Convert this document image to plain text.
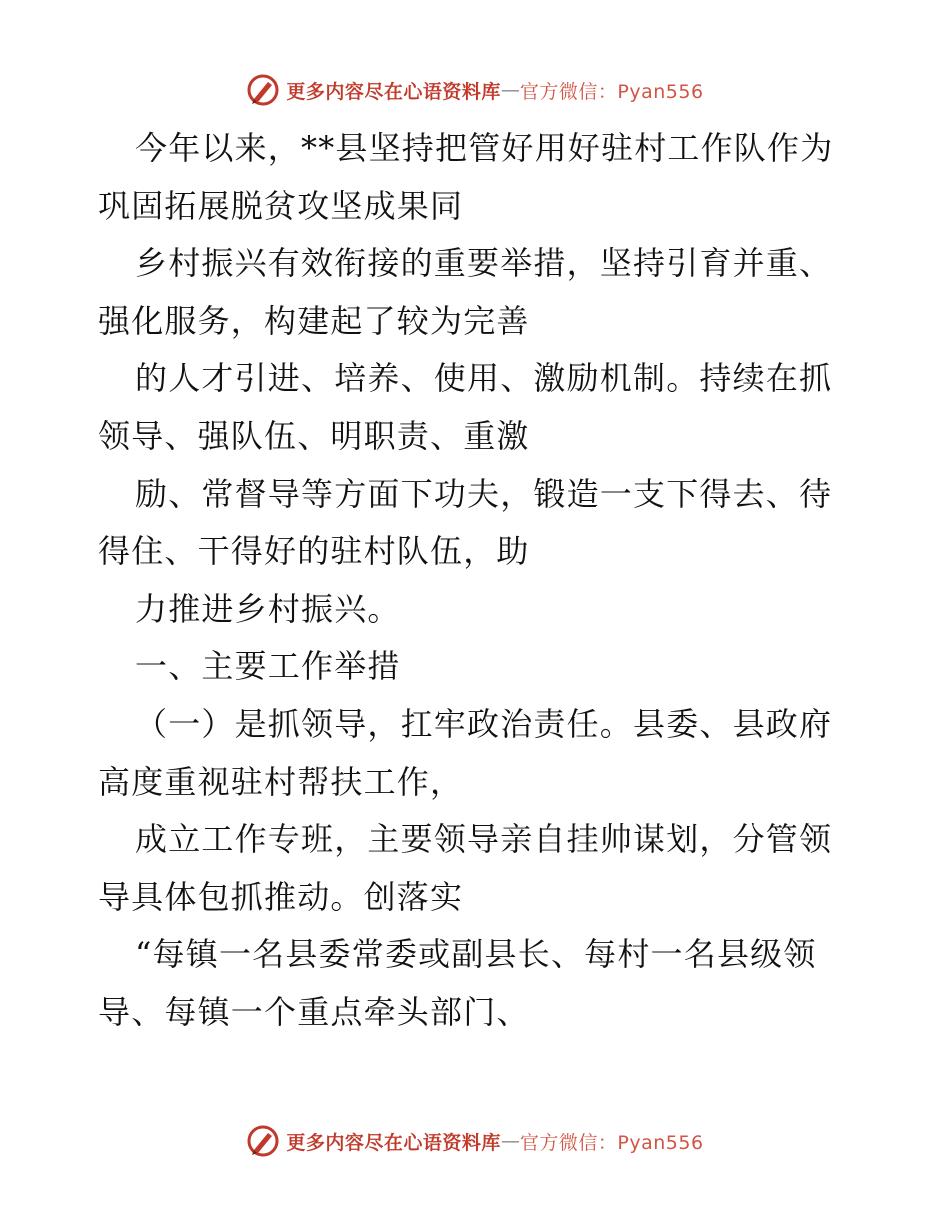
更多内容尽在心语资料库 — 官方微信：Pyan556
今年以来，**县坚持把管好用好驻村工作队作为
巩固拓展脱贫攻坚成果同
乡村振兴有效衔接的重要举措，坚持引育并重、
强化服务，构建起了较为完善
的人才引进、培养、使用、激励机制。持续在抓
领导、强队伍、明职责、重激
励、常督导等方面下功夫，锻造一支下得去、待
得住、干得好的驻村队伍，助
力推进乡村振兴。
一、主要工作举措
（一）是抓领导，扛牢政治责任。县委、县政府
高度重视驻村帮扶工作，
成立工作专班，主要领导亲自挂帅谋划，分管领
导具体包抓推动。创落实
“每镇一名县委常委或副县长、每村一名县级领
导、每镇一个重点牵头部门、
更多内容尽在心语资料库 — 官方微信：Pyan556
